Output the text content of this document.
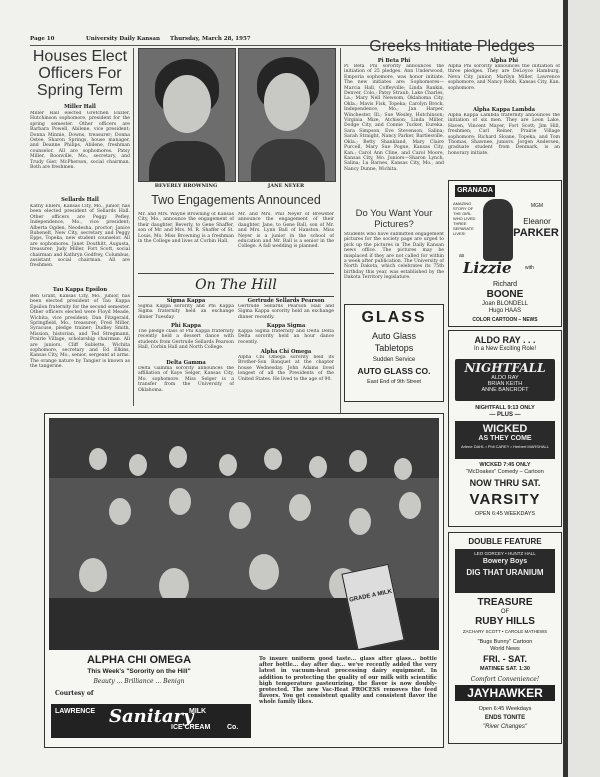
Page 10	University Daily Kansan Thursday, March 28, 1957
Houses Elect Officers For Spring Term
Miller Hall
Miller Hall elected Gretchen Enzler, Hutchinson sophomore, president for the spring semester. Other officers are Barbara Powell, Abilene, vice president; Donna Minnie, Downs, treasurer; Donna Ostee, Sharon Springs, house manager, and Deanne Philips, Abilene, freshman counselor. All are sophomores. Patsy Miller, Boonville, Mo., secretary, and Trudy Gier, McPherson, social chairman. Both are freshmen.
Sellards Hall
Kathy Ehlers, Kansas City, Mo., junior, has been elected president of Sellards Hall. Other officers are Peggy Pefley, Independence, Mo., vice president; Alberta Ogden, Neodesha, proctor; Janice Rubenelt, New City, secretary and Peggy Epps, Topeka, new student counselor. All are sophomores. Janet Douthitt, Augusta, treasurer; Judy Miller, Fort Scott, social chairman and Kathryn Godfrey, Columbus, assistant social chairman. All are freshmen.
Tau Kappa Epsilon
Ben Grant, Kansas City, Mo., junior, has been elected president of Tau Kappa Epsilon fraternity for the second semester. Other officers elected were Floyd Meade, Wichita, vice president; Dan Fitzgerald, Springfield, Mo., treasurer; Fred Miller, Syracuse, pledge trainer; Dudley Smith, Mission, historian, and Ted Stregmann, Prairie Village, scholarship chairman. All are juniors. Cliff Sublette, Wichita sophomore, secretary and Ed Elkins, Kansas City, Mo., senior, sergeant at arms. The orange nature by Tangier is known as the tangerine.
BEVERLY BROWNING	JANE NEYER
Two Engagements Announced
Mr. and Mrs. Wayne Browning of Kansas City, Mo., announce the engagement of their daughter, Beverly, to Gene Shaffer, son of Mr. and Mrs. M. R. Shaffer of St. Louis, Mo. Miss Browning is a freshman in the College and lives at Corbin Hall.
Mr. and Mrs. Phil Neyer of Brewster announce the engagement of their daughter, Jane, to Gene Ball, son of Mr. and Mrs. Lynn Ball of Hanston. Miss Neyer is a junior in the school of education and Mr. Ball is a senior in the College. A fall wedding is planned.
On The Hill
Sigma Kappa
Sigma Kappa sorority and Phi Kappa Sigma fraternity held an exchange dinner Tuesday.
Phi Kappa
The pledge class of Phi Kappa fraternity recently held a dessert dance with students from Gertrude Sellards Pearson Hall, Corbin Hall and North College.
Delta Gamma
Delta Gamma sorority announces the affiliation of Kaye Selger, Kansas City, Mo. sophomore. Miss Selger is a transfer from the University of Oklahoma.
Gertrude Sellards Pearson
Gertrude Sellards Pearson Hall and Sigma Kappa sorority held an exchange dinner recently.
Kappa Sigma
Kappa Sigma fraternity and Delta Delta Delta sorority held an hour dance recently.
Alpha Chi Omega
Alpha Chi Omega sorority held its Brother-Son Banquet at the chapter house Wednesday. John Adams lived longest of all the Presidents of the United States. He lived to the age of 90.
Greeks Initiate Pledges
Pi Beta Phi
Pi Beta Phi sorority announces the initiation of 25 pledges. Ann Underwood, Emporia sophomore, was honor initiate. The new initiates are: Sophomores—Marcia Hall, Coffeyville; Linda Rankin, Denver, Colo.; Patsy Straub, Lake Charles, La.; Mary Nell Newsom, Oklahoma City, Okla.; Mavis Fisk, Topeka; Carolyn Brock, Independence, Mo.; Jan Harper, Winchester, Ill.; Sue Wesley, Hutchinson; Virginia Mize, Atchison; Linda Miller, Dodge City, and Connie Tucker, Eureka. Sara Simpson, Eve Stevenson, Salina; Sarah Straight, Nancy Parker, Bartlesville, Okla.; Betty Shankland, Mary Claire Purcell, Mary Sue Pogue, Kansas City, Kan.; Carol Ann Cline, and Carol Moore, Kansas City, Mo. Juniors—Sharon Lynch, Salina; Lu Barnes, Kansas City, Mo., and Nancy Dunne, Wichita.
Alpha Phi
Alpha Phi sorority announces the initiation of three pledges. They are DeLoyce Hamburg, Neva City junior; Marilyn Miller, Lawrence sophomore, and Nancy Robb, Kansas City, Kan. sophomore.
Alpha Kappa Lambda
Alpha Kappa Lambda fraternity announces the initiation of six men. They are Leon Lake, Haven, Vincent Mayer, Fort Scott; Jim Hill, freshmen; Carl Reiner, Prairie Village sophomore; Richard Sloane, Topeka, and Tom Thomas, Shawnee, juniors. Jorgen Andersen, graduate student from Denmark, is an honorary initiate.
Do You Want Your Pictures?
Students who have submitted engagement pictures for the society page are urged to pick up the pictures in The Daily Kansan news office. The pictures may be misplaced if they are not called for within a week after publication. The University of North Dakota, which celebrates its 75th birthday this year, was established by the Dakota Territory legislature.
GLASS
Auto Glass
Tabletops
Sudden Service
AUTO GLASS CO.
East End of 9th Street
GRANADA
AMAZING STORY OF THE GIRL WHO LIVED THREE SEPARATE LIVES!
MGM
Eleanor
PARKER
as
Lizzie	with
Richard
BOONE
Joan BLONDELL
Hugo HAAS
COLOR CARTOON – NEWS
ALDO RAY . . .
In a New Exciting Role!
NIGHTFALL
ALDO RAY
BRIAN KEITH
ANNE BANCROFT
NIGHTFALL 9:13 ONLY
— PLUS —
WICKED
AS THEY COME
Arlene DAHL • Phil CAREY • Herbert MARSHALL
WICKED 7:45 ONLY
"McDoakes" Comedy – Cartoon
NOW THRU SAT.
VARSITY
OPEN 6:45 WEEKDAYS
DOUBLE FEATURE
LEO GORCEY • HUNTZ HALL
Bowery Boys
DIG THAT URANIUM
TREASURE
OF
RUBY HILLS
ZACHARY SCOTT • CAROLE MATHEWS
"Bugs Bunny" Cartoon
World News
FRI. - SAT.
MATINEE SAT. 1:30
Comfort Convenience!
JAYHAWKER
Open 6:45 Weekdays
ENDS TONITE
"River Changes"
GRADE A MILK
ALPHA CHI OMEGA
This Week's "Sorority on the Hill"
Beauty ... Brilliance ... Benign
Courtesy of
LAWRENCE Sanitary
MILK
ICE CREAM Co.
To insure uniform good taste... glass after glass... bottle after bottle... day after day... we've recently added the very latest in vacuum-heat processing dairy equipment. In addition to protecting the quality of our milk with scientific high temperature pasteurizing, the flavor is now doubly-protected. The new Vac-Heat PROCESS removes the feed flavors. You get consistent quality and consistent flavor the whole family likes.
